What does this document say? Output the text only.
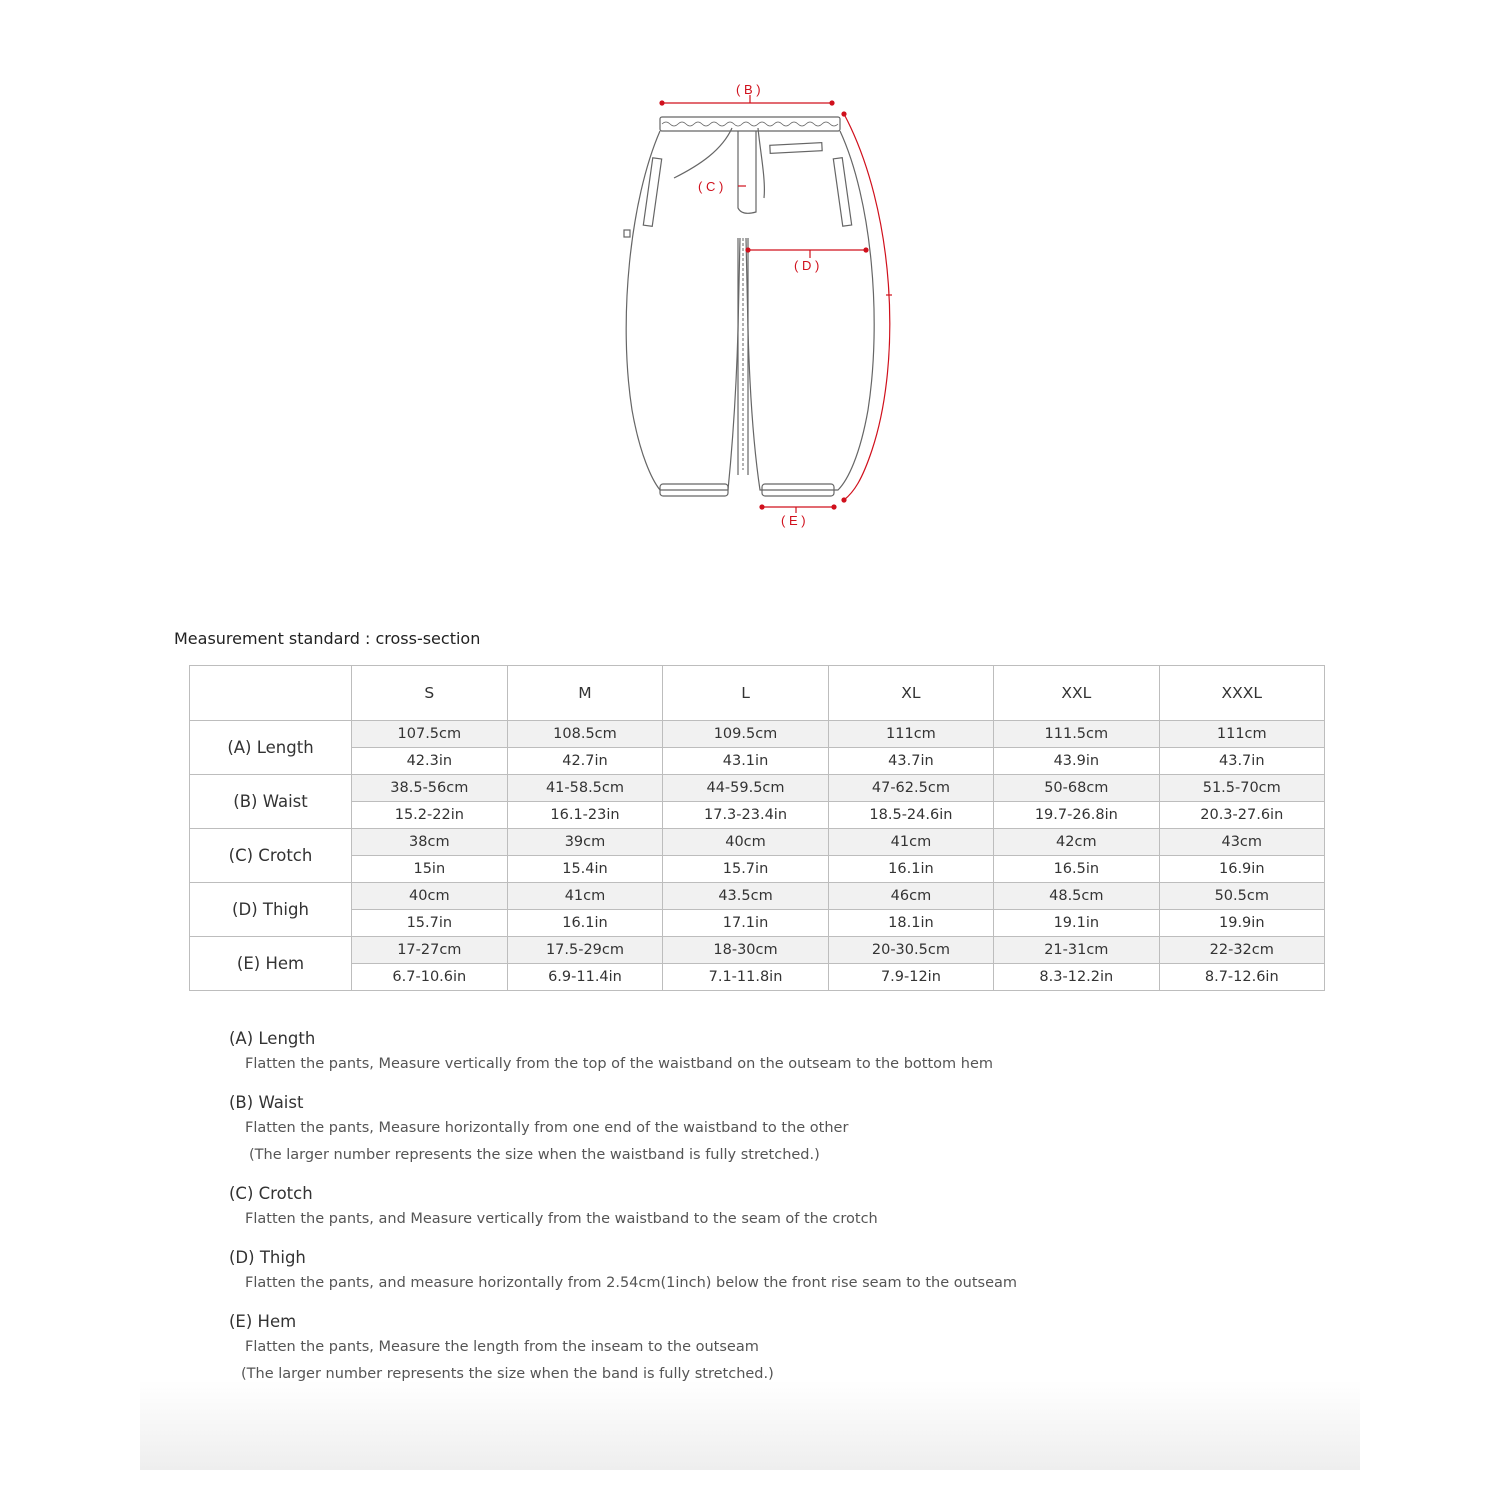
( B )
( C )
( D )
( E )
Measurement standard : cross-section
	S	M	L	XL	XXL	XXXL
(A) Length	107.5cm	108.5cm	109.5cm	111cm	111.5cm	111cm
	42.3in	42.7in	43.1in	43.7in	43.9in	43.7in
(B) Waist	38.5-56cm	41-58.5cm	44-59.5cm	47-62.5cm	50-68cm	51.5-70cm
	15.2-22in	16.1-23in	17.3-23.4in	18.5-24.6in	19.7-26.8in	20.3-27.6in
(C) Crotch	38cm	39cm	40cm	41cm	42cm	43cm
	15in	15.4in	15.7in	16.1in	16.5in	16.9in
(D) Thigh	40cm	41cm	43.5cm	46cm	48.5cm	50.5cm
	15.7in	16.1in	17.1in	18.1in	19.1in	19.9in
(E) Hem	17-27cm	17.5-29cm	18-30cm	20-30.5cm	21-31cm	22-32cm
	6.7-10.6in	6.9-11.4in	7.1-11.8in	7.9-12in	8.3-12.2in	8.7-12.6in
(A) Length
Flatten the pants, Measure vertically from the top of the waistband on the outseam to the bottom hem
(B) Waist
Flatten the pants, Measure horizontally from one end of the waistband to the other
(The larger number represents the size when the waistband is fully stretched.)
(C) Crotch
Flatten the pants, and Measure vertically from the waistband to the seam of the crotch
(D) Thigh
Flatten the pants, and measure horizontally from 2.54cm(1inch) below the front rise seam to the outseam
(E) Hem
Flatten the pants, Measure the length from the inseam to the outseam
(The larger number represents the size when the band is fully stretched.)
